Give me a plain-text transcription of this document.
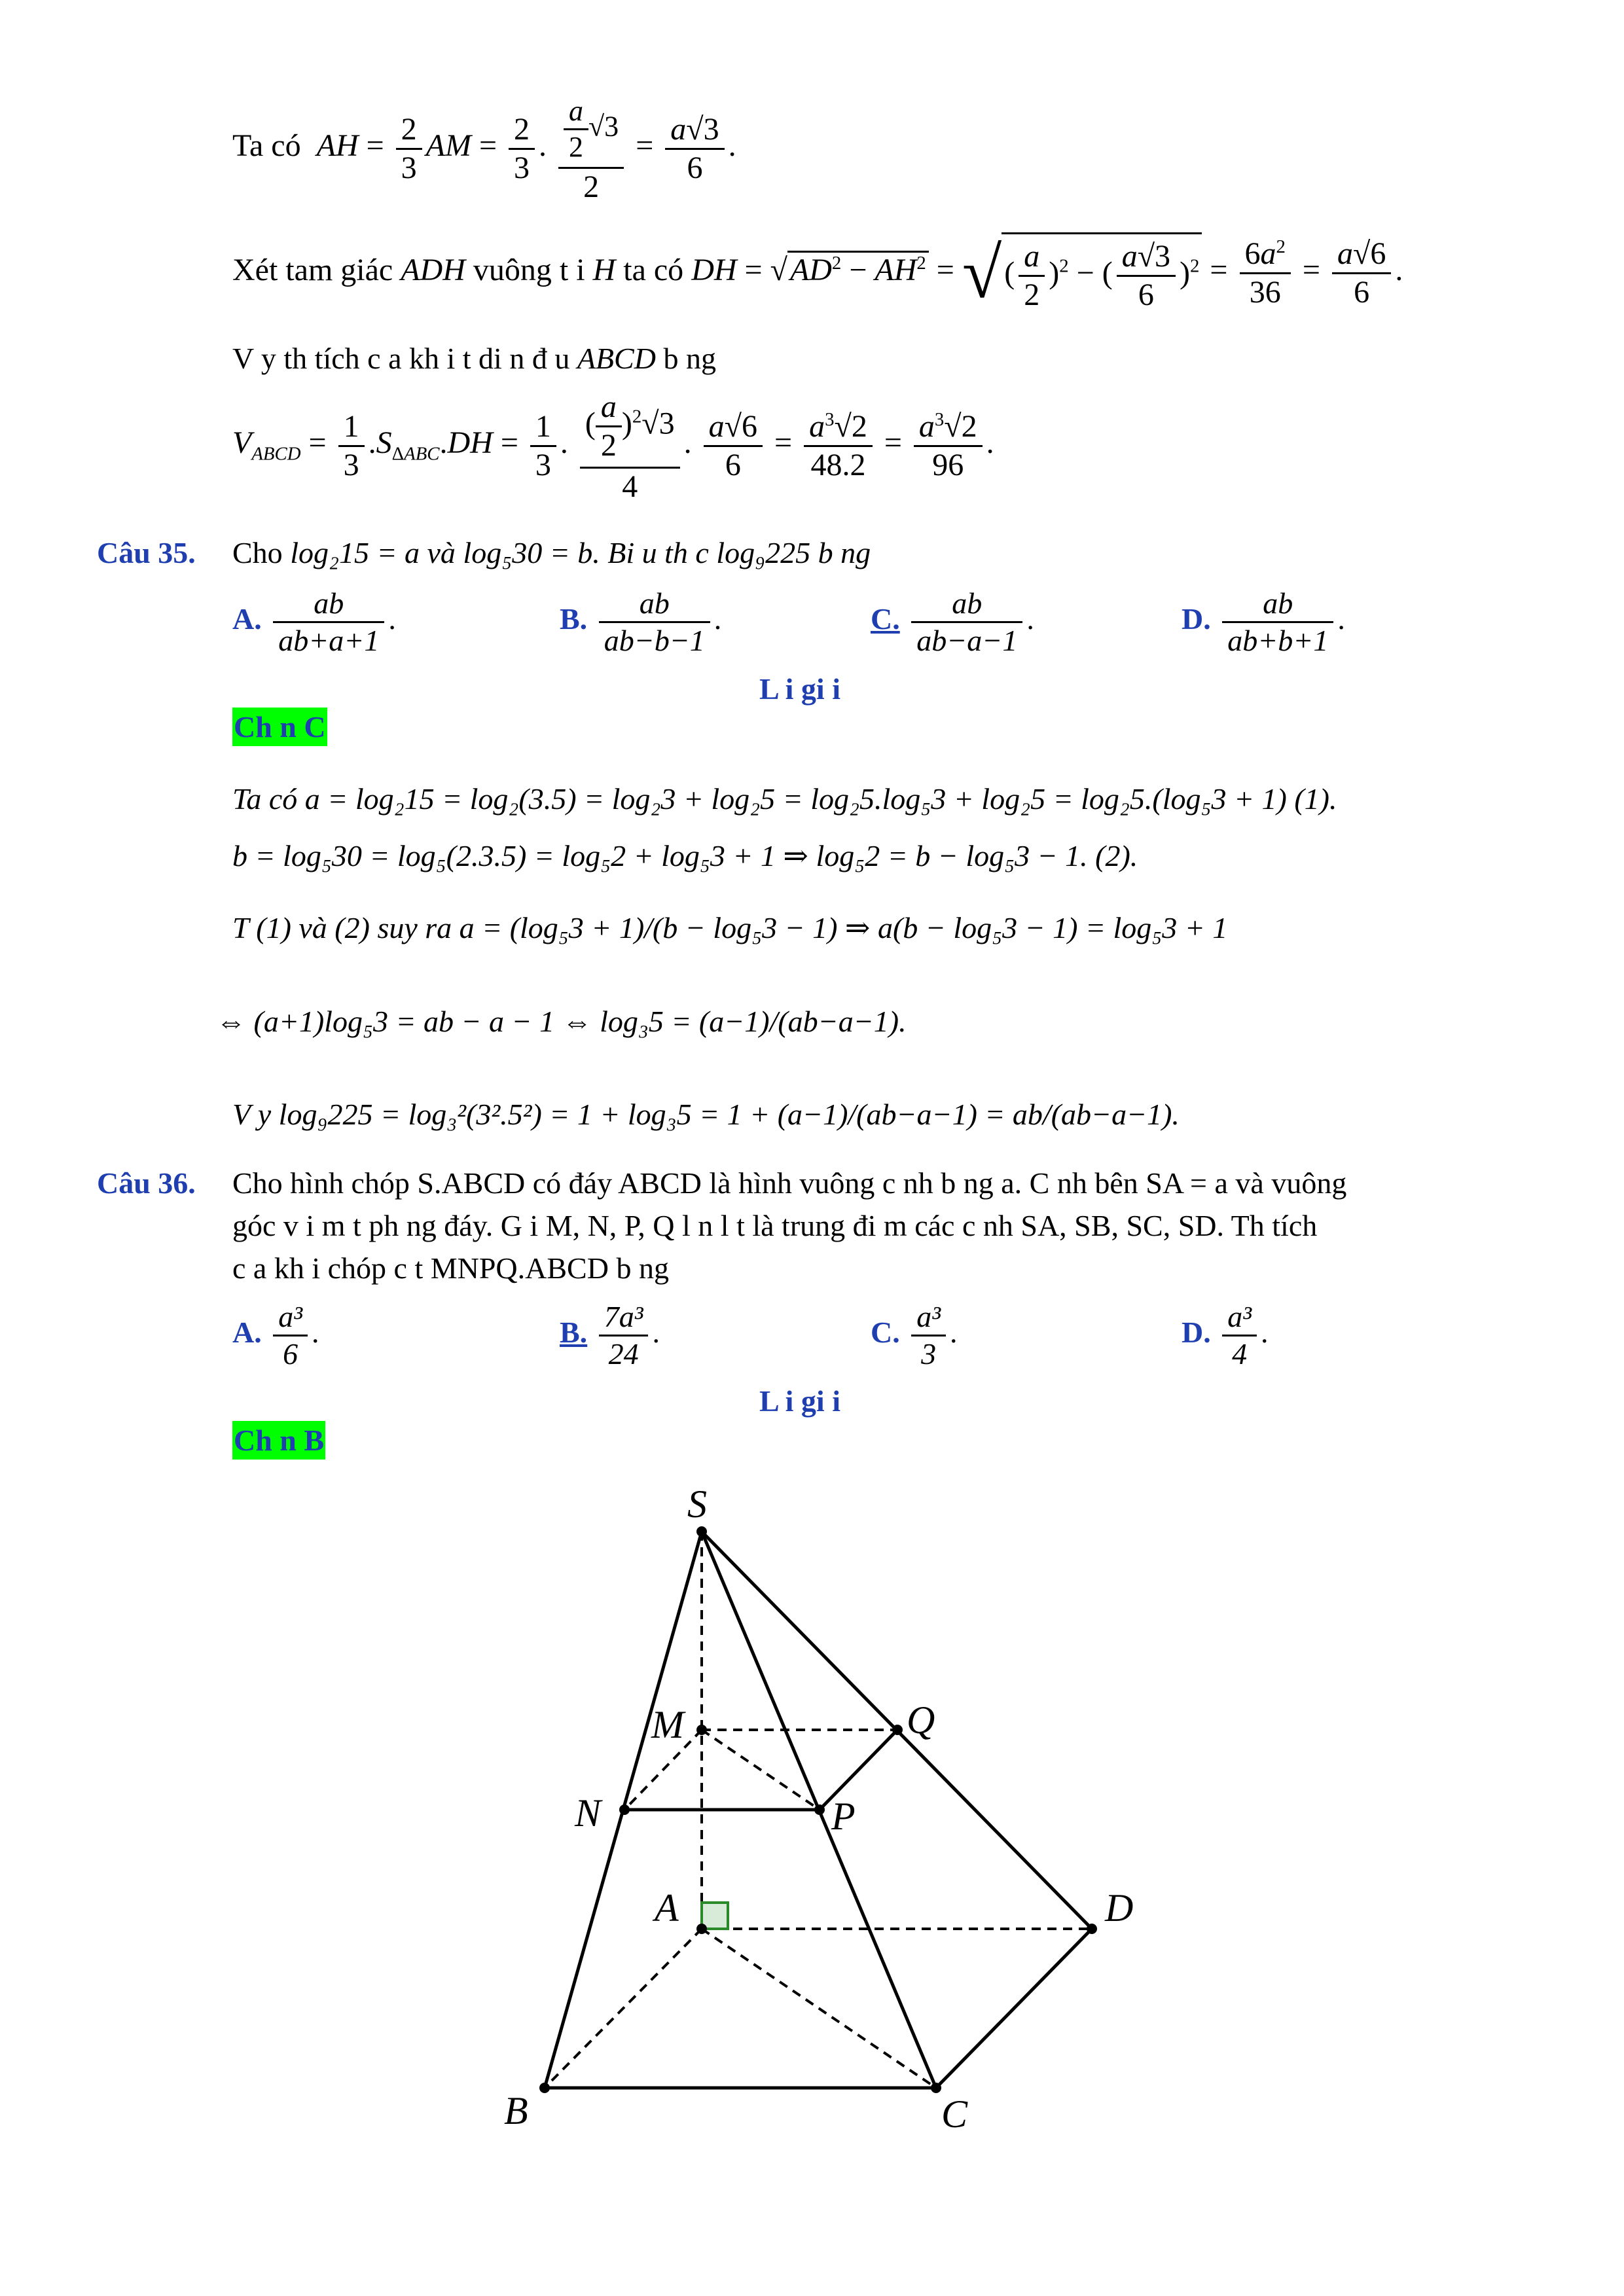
Ta có AH = $\frac{2}{3}$ AM = $\frac{2}{3}$ . $\frac{\frac{a}{2} √3}{2} = \frac{a√3}{6}$ .
Xét tam giác ADH vuông t i H ta có DH = $√AD^2 - AH^2$ = √( $\frac{a}{2} )^2$ − ( $\frac{a√3}{6} )^2 = \frac{6a^2}{36} = \frac{a√6}{6}$ .
V y th tích c a kh i t di n đ u ABCD b ng
$V_{ABCD} = \frac{1}{3} .S_{\Delta ABC}.DH = \frac{1}{3}$ . $\frac{( \frac{a}{2} )^2√3}{4}$ . $\frac{a√6}{6} = \frac{a^3√2}{48.2} = \frac{a^3√2}{96}$ .
Câu 35. Cho log₂15 = a và log₅30 = b. Bi u th c log₉225 b ng
A. $\frac{ab}{ab+a+1}$ .	B. $\frac{ab}{ab-b-1}$ .	C. $\frac{ab}{ab-a-1}$ .	D. $\frac{ab}{ab+b+1}$ .
L i gi i
Ch n C
Ta có a = log₂15 = log₂(3.5) = log₂3 + log₂5 = log₂5.log₅3 + log₂5 = log₂5.(log₅3 + 1) (1).
b = log₅30 = log₅(2.3.5) = log₅2 + log₅3 + 1 ⇒ log₅2 = b − log₅3 − 1. (2).
T (1) và (2) suy ra a = (log₅3 + 1)/(b − log₅3 − 1) ⇒ a(b − log₅3 − 1) = log₅3 + 1
⇔ (a+1)log₅3 = ab − a − 1 ⇔ log₃5 = (a−1)/(ab−a−1).
V y log₉225 = log₃²(3².5²) = 1 + log₃5 = 1 + (a−1)/(ab−a−1) = ab/(ab−a−1).
Câu 36. Cho hình chóp S.ABCD có đáy ABCD là hình vuông c nh b ng a. C nh bên SA = a và vuông
góc v i m t ph ng đáy. G i M, N, P, Q l n l t là trung đi m các c nh SA, SB, SC, SD. Th tích
c a kh i chóp c t MNPQ.ABCD b ng
A. $\frac{\text{a³}}{6}$ .	B. $\frac{\text{7a³}}{24}$ .	C. $\frac{\text{a³}}{3}$ .	D. $\frac{\text{a³}}{4}$ .
L i gi i
Ch n B
S
M	Q
N	P
A	D
B	C
